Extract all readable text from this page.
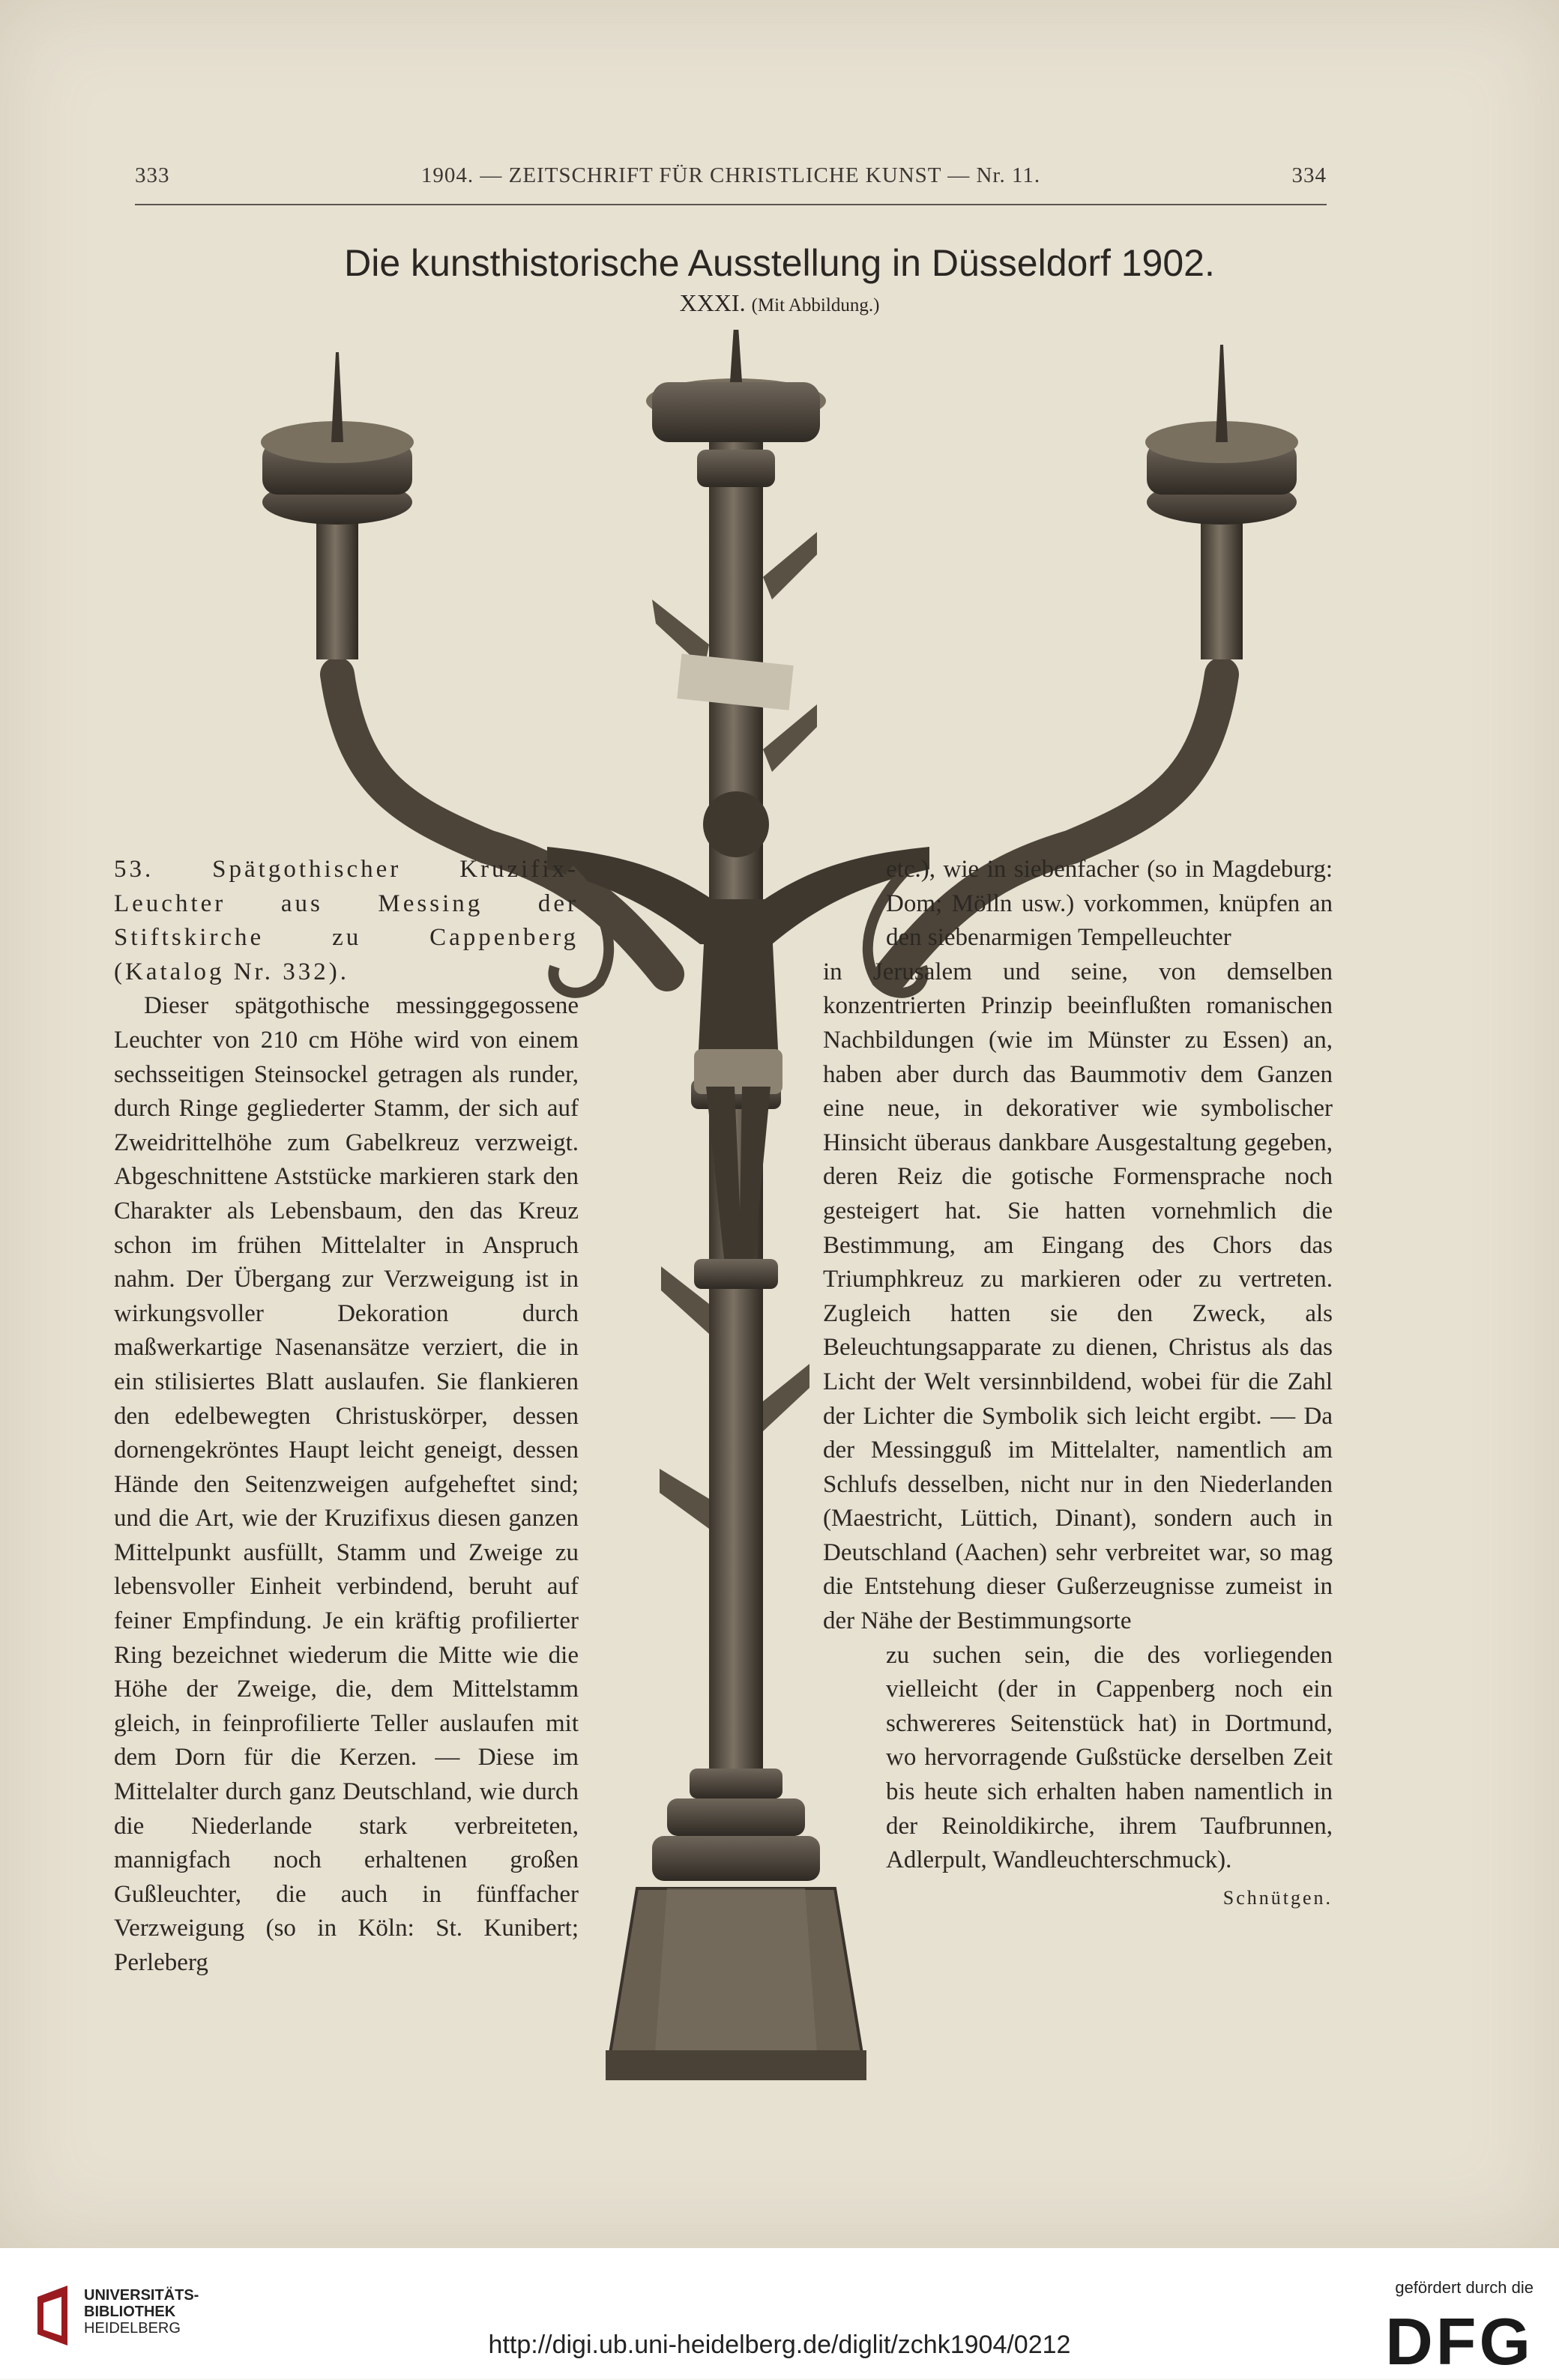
333	1904. — ZEITSCHRIFT FÜR CHRISTLICHE KUNST — Nr. 11.	334
Die kunsthistorische Ausstellung in Düsseldorf 1902.
XXXI. (Mit Abbildung.)

53. Spätgothischer Kruzifix-Leuchter aus Messing der Stiftskirche zu Cappenberg (Katalog Nr. 332).

Dieser spätgothische messinggegossene Leuchter von 210 cm Höhe wird von einem sechsseitigen Steinsockel getragen als runder, durch Ringe gegliederter Stamm, der sich auf Zweidrittelhöhe zum Gabelkreuz verzweigt. Abgeschnittene Aststücke markieren stark den Charakter als Lebensbaum, den das Kreuz schon im frühen Mittelalter in Anspruch nahm. Der Übergang zur Verzweigung ist in wirkungsvoller Dekoration durch maßwerkartige Nasenansätze verziert, die in ein stilisiertes Blatt auslaufen. Sie flankieren den edelbewegten Christuskörper, dessen dornengekröntes Haupt leicht geneigt, dessen Hände den Seitenzweigen aufgeheftet sind; und die Art, wie der Kruzifixus diesen ganzen Mittelpunkt ausfüllt, Stamm und Zweige zu lebensvoller Einheit verbindend, beruht auf feiner Empfindung. Je ein kräftig profilierter Ring bezeichnet wiederum die Mitte wie die Höhe der Zweige, die, dem Mittelstamm gleich, in feinprofilierte Teller auslaufen mit dem Dorn für die Kerzen. — Diese im Mittelalter durch ganz Deutschland, wie durch die Niederlande stark verbreiteten, mannigfach noch erhaltenen großen Gußleuchter, die auch in fünffacher Verzweigung (so in Köln: St. Kunibert; Perleberg

etc.), wie in siebenfacher (so in Magdeburg: Dom; Mölln usw.) vorkommen, knüpfen an den siebenarmigen Tempelleuchter

in Jerusalem und seine, von demselben konzentrierten Prinzip beeinflußten romanischen Nachbildungen (wie im Münster zu Essen) an, haben aber durch das Baummotiv dem Ganzen eine neue, in dekorativer wie symbolischer Hinsicht überaus dankbare Ausgestaltung gegeben, deren Reiz die gotische Formensprache noch gesteigert hat. Sie hatten vornehmlich die Bestimmung, am Eingang des Chors das Triumphkreuz zu markieren oder zu vertreten. Zugleich hatten sie den Zweck, als Beleuchtungsapparate zu dienen, Christus als das Licht der Welt versinnbildend, wobei für die Zahl der Lichter die Symbolik sich leicht ergibt. — Da der Messingguß im Mittelalter, namentlich am Schlufs desselben, nicht nur in den Niederlanden (Maestricht, Lüttich, Dinant), sondern auch in Deutschland (Aachen) sehr verbreitet war, so mag die Entstehung dieser Gußerzeugnisse zumeist in der Nähe der Bestimmungsorte

zu suchen sein, die des vorliegenden vielleicht (der in Cappenberg noch ein schwereres Seitenstück hat) in Dortmund, wo hervorragende Gußstücke derselben Zeit bis heute sich erhalten haben namentlich in der Reinoldikirche, ihrem Taufbrunnen, Adlerpult, Wandleuchterschmuck).
Schnütgen.

UNIVERSITÄTS-
BIBLIOTHEK
HEIDELBERG
http://digi.ub.uni-heidelberg.de/diglit/zchk1904/0212
gefördert durch die
DFG
